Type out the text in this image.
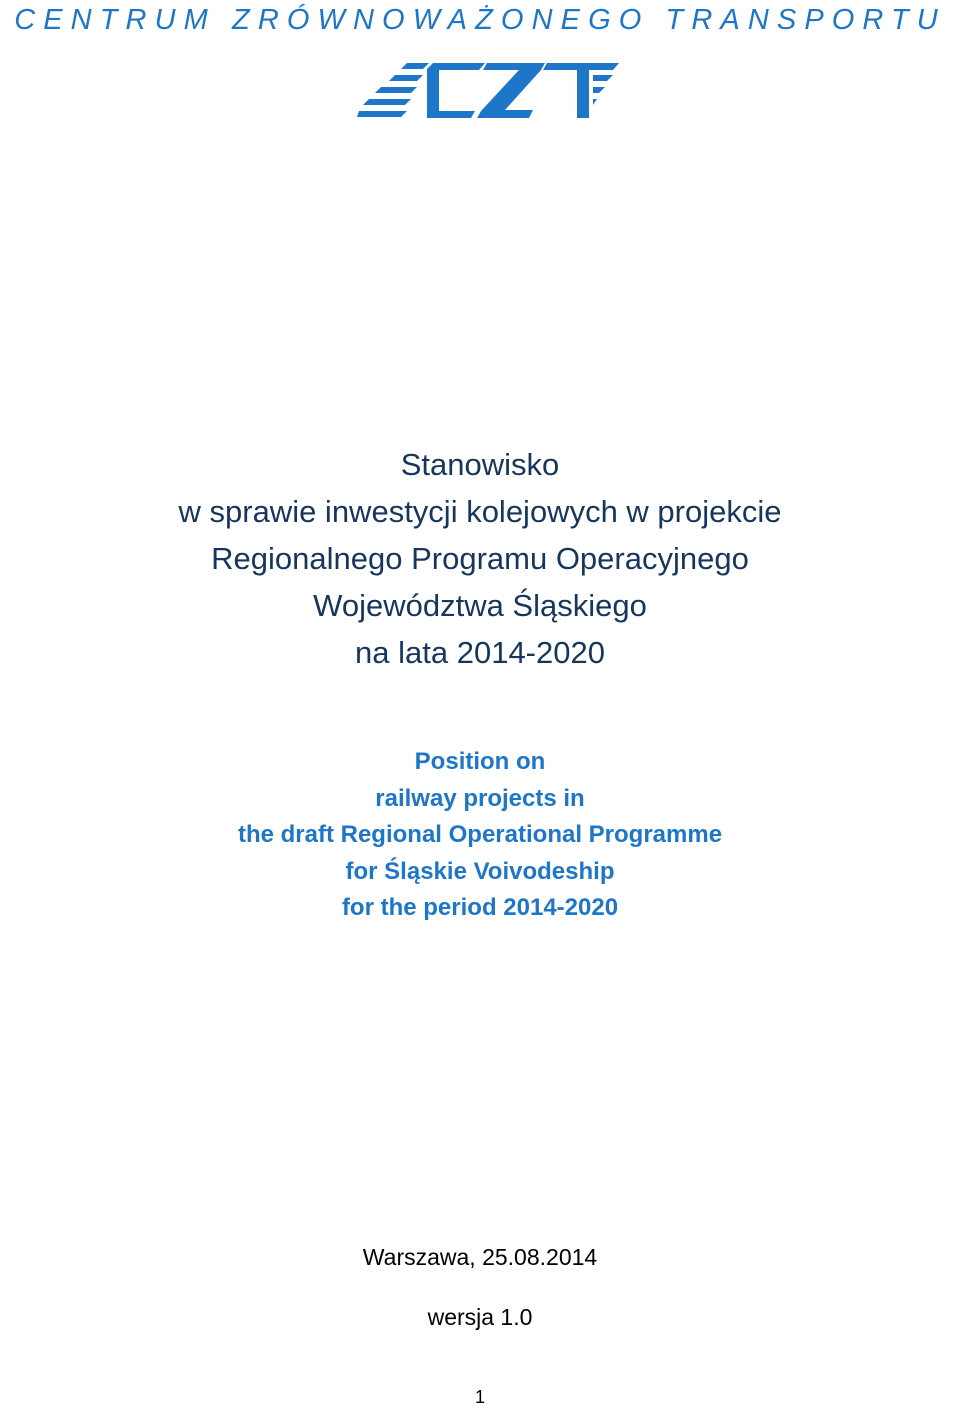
CENTRUM ZRÓWNOWAŻONEGO TRANSPORTU
Stanowisko
w sprawie inwestycji kolejowych w projekcie
Regionalnego Programu Operacyjnego
Województwa Śląskiego
na lata 2014-2020
Position on
railway projects in
the draft Regional Operational Programme
for Śląskie Voivodeship
for the period 2014-2020
Warszawa, 25.08.2014
wersja 1.0
1
